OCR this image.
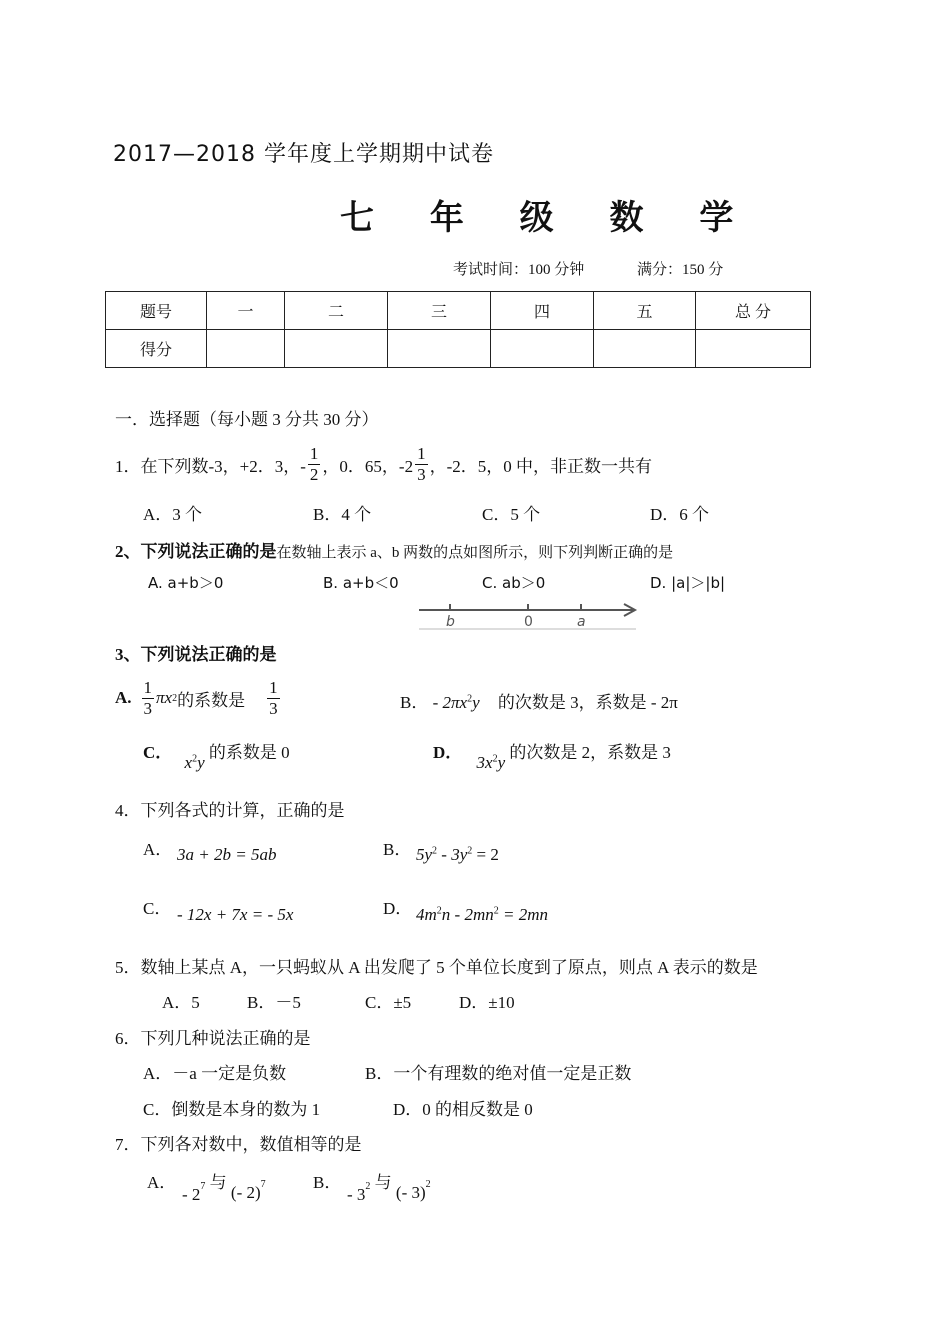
2017—2018 学年度上学期期中试卷
七 年 级 数 学
考试时间：100 分钟	满分：150 分
题号	一	二	三	四	五	总 分
得分						
一．选择题（每小题 3 分共 30 分）
1．在下列数-3，+2．3，- $\frac{1}{2}$ ，0．65，$-2 \frac{1}{3}$ ，-2．5，0 中，非正数一共有
A．3 个	B．4 个	C．5 个	D．6 个
2、下列说法正确的是在数轴上表示 a、b 两数的点如图所示，则下列判断正确的是
A. a+b＞0	B. a+b＜0	C. ab＞0	D. |a|＞|b|
b	0	a
3、下列说法正确的是
A. $\frac{1}{3}$ πx 2 的系数是 $\frac{1}{3}$	B． - $2\pi x^2y$ 的次数是 3，系数是 - 2π
C． $x^2y$ 的系数是 0	D． $3x^2y$ 的次数是 2，系数是 3
4．下列各式的计算，正确的是
A． 3a + 2b = 5ab	B． $5y^2 - 3y^2 = 2$
C． - 12x + 7x = - 5x	D． $4m^2n - 2mn^2 = 2mn$
5．数轴上某点 A，一只蚂蚁从 A 出发爬了 5 个单位长度到了原点，则点 A 表示的数是
A．5	B．－5	C．±5	D．±10
6．下列几种说法正确的是
A．－a 一定是负数	B．一个有理数的绝对值一定是正数
C．倒数是本身的数为 1	D．0 的相反数是 0
7．下列各对数中，数值相等的是
A．
- $2^7$ 与 (- 2)$^7$	B．
- $3^2$ 与 (- 3)$^2$
